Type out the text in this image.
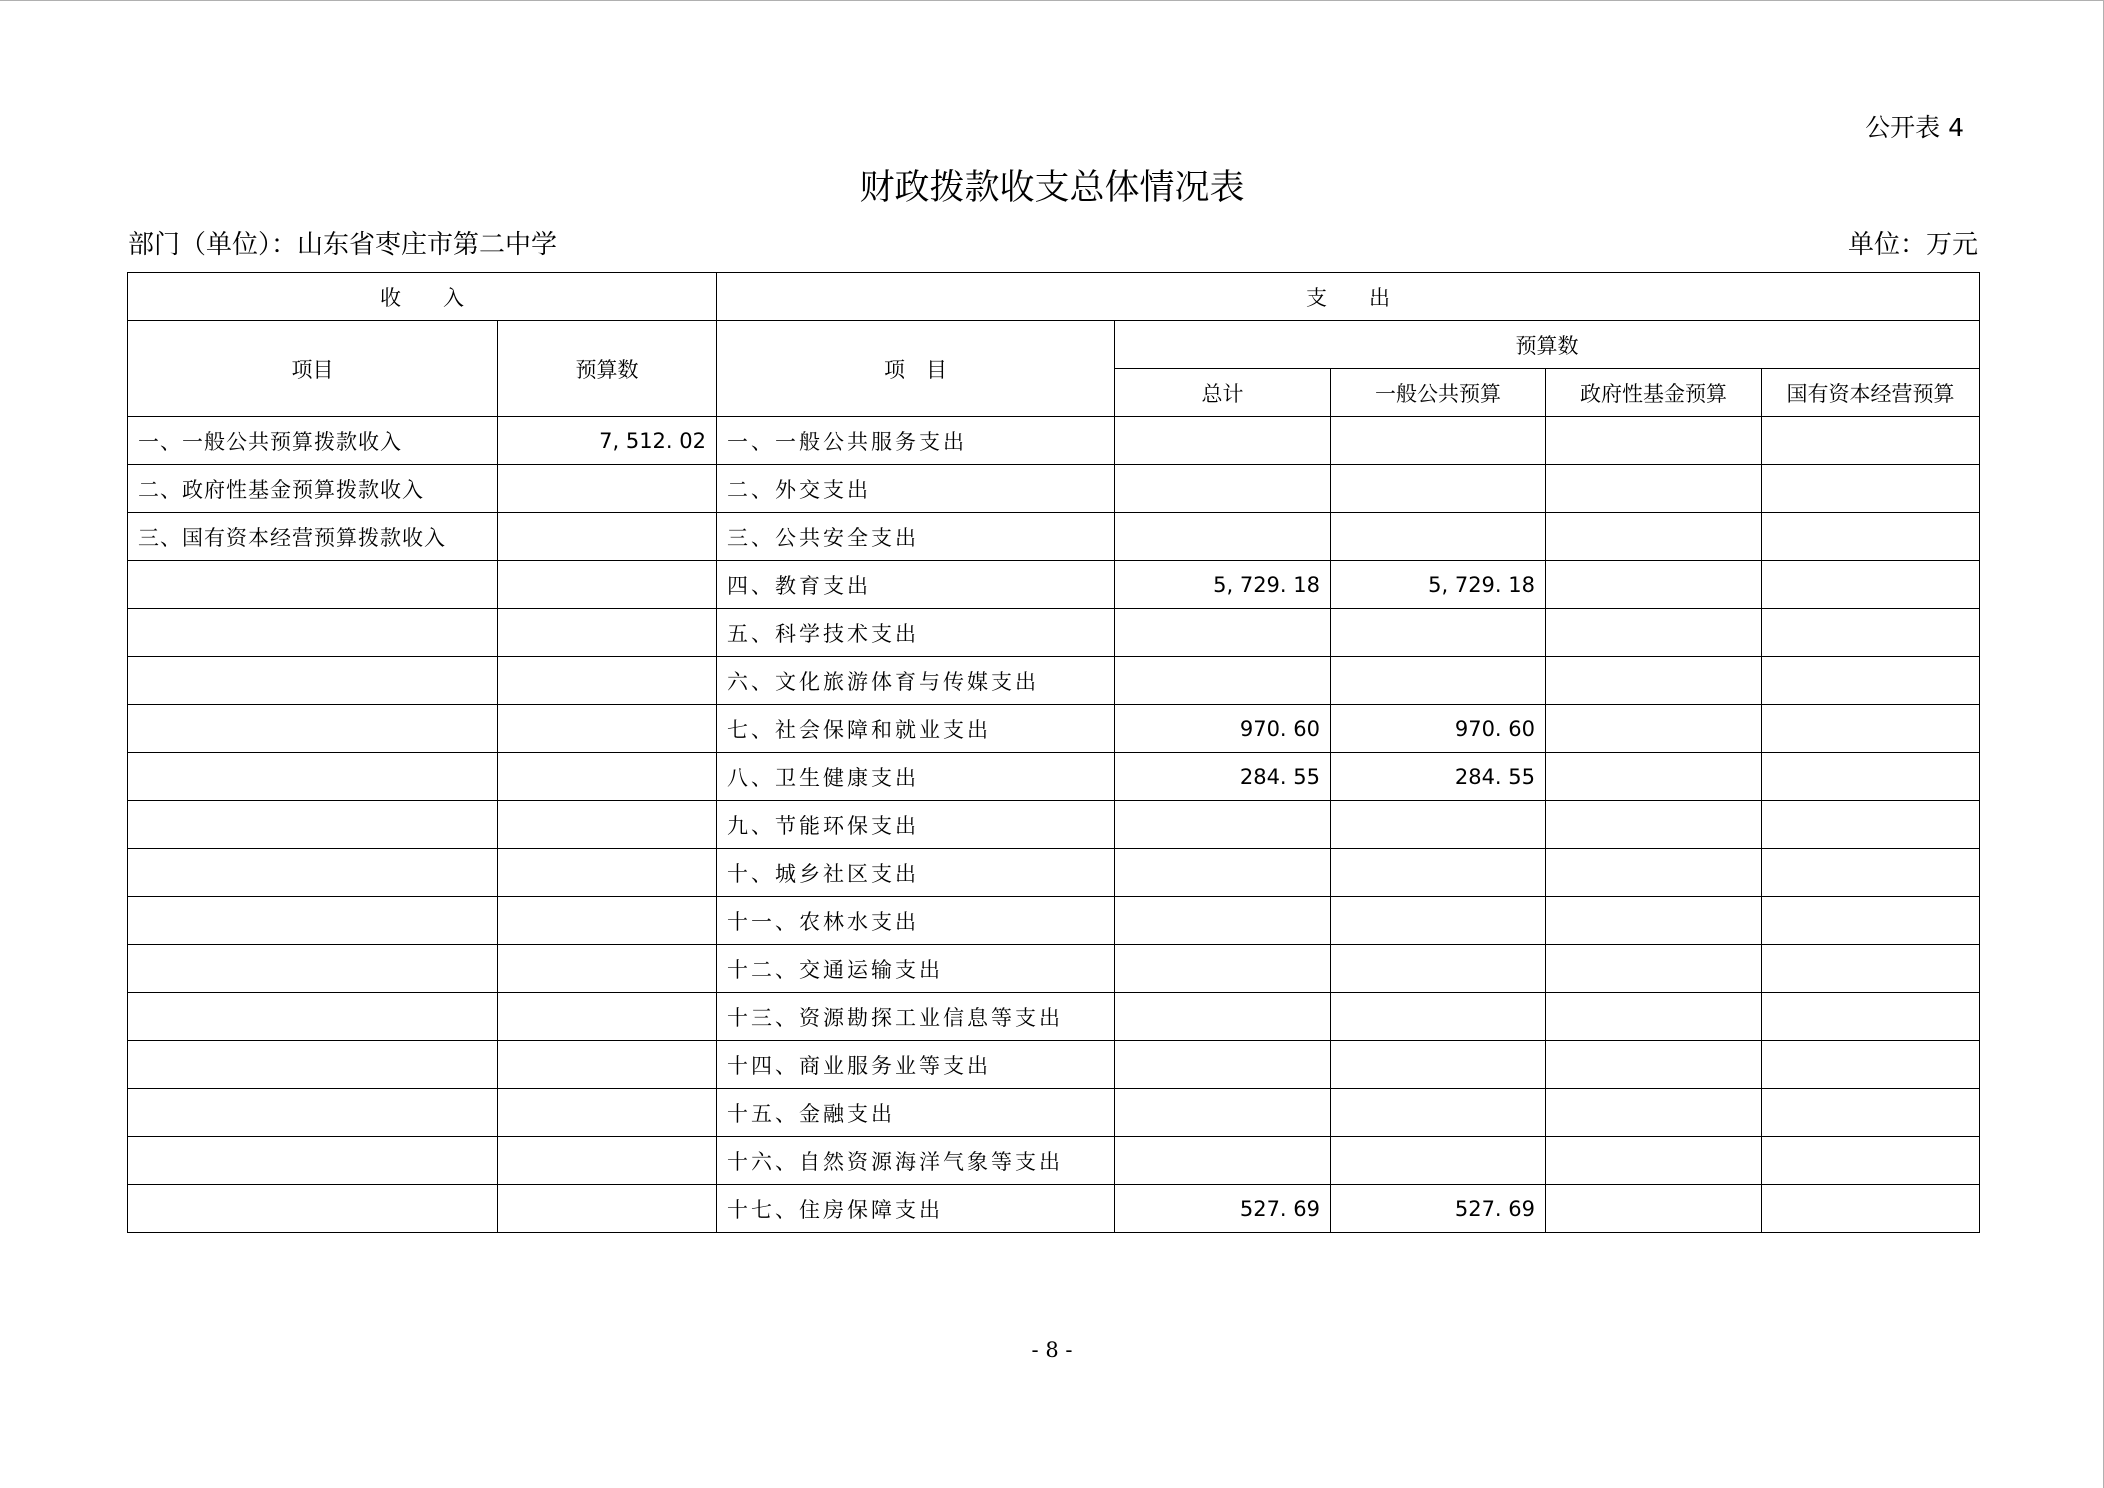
公开表 4
财政拨款收支总体情况表
部门（单位）：山东省枣庄市第二中学	单位：万元
收　　入		支　　出				
项目	预算数	项　目	预算数			
			总计	一般公共预算	政府性基金预算	国有资本经营预算
一、一般公共预算拨款收入	7, 512. 02	一、一般公共服务支出				
二、政府性基金预算拨款收入		二、外交支出				
三、国有资本经营预算拨款收入		三、公共安全支出				
		四、教育支出	5, 729. 18	5, 729. 18		
		五、科学技术支出				
		六、文化旅游体育与传媒支出				
		七、社会保障和就业支出	970. 60	970. 60		
		八、卫生健康支出	284. 55	284. 55		
		九、节能环保支出				
		十、城乡社区支出				
		十一、农林水支出				
		十二、交通运输支出				
		十三、资源勘探工业信息等支出				
		十四、商业服务业等支出				
		十五、金融支出				
		十六、自然资源海洋气象等支出				
		十七、住房保障支出	527. 69	527. 69		
- 8 -
